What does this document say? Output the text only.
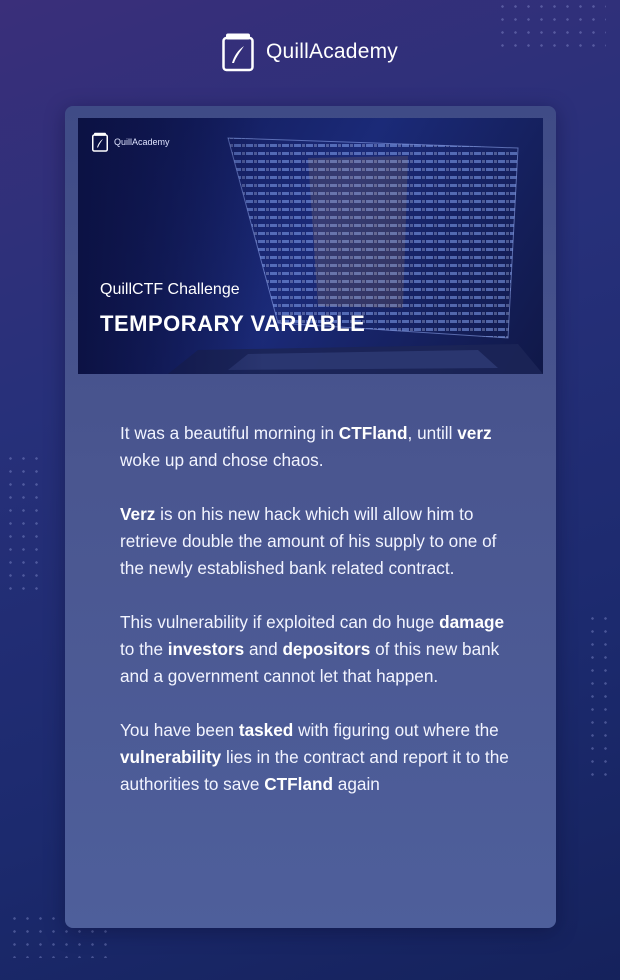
QuillAcademy
QuillAcademy
QuillCTF Challenge
TEMPORARY VARIABLE

It was a beautiful morning in CTFland, untill verz woke up and chose chaos.

Verz is on his new hack which will allow him to retrieve double the amount of his supply to one of the newly established bank related contract.

This vulnerability if exploited can do huge damage to the investors and depositors of this new bank and a government cannot let that happen.

You have been tasked with figuring out where the vulnerability lies in the contract and report it to the authorities to save CTFland again
